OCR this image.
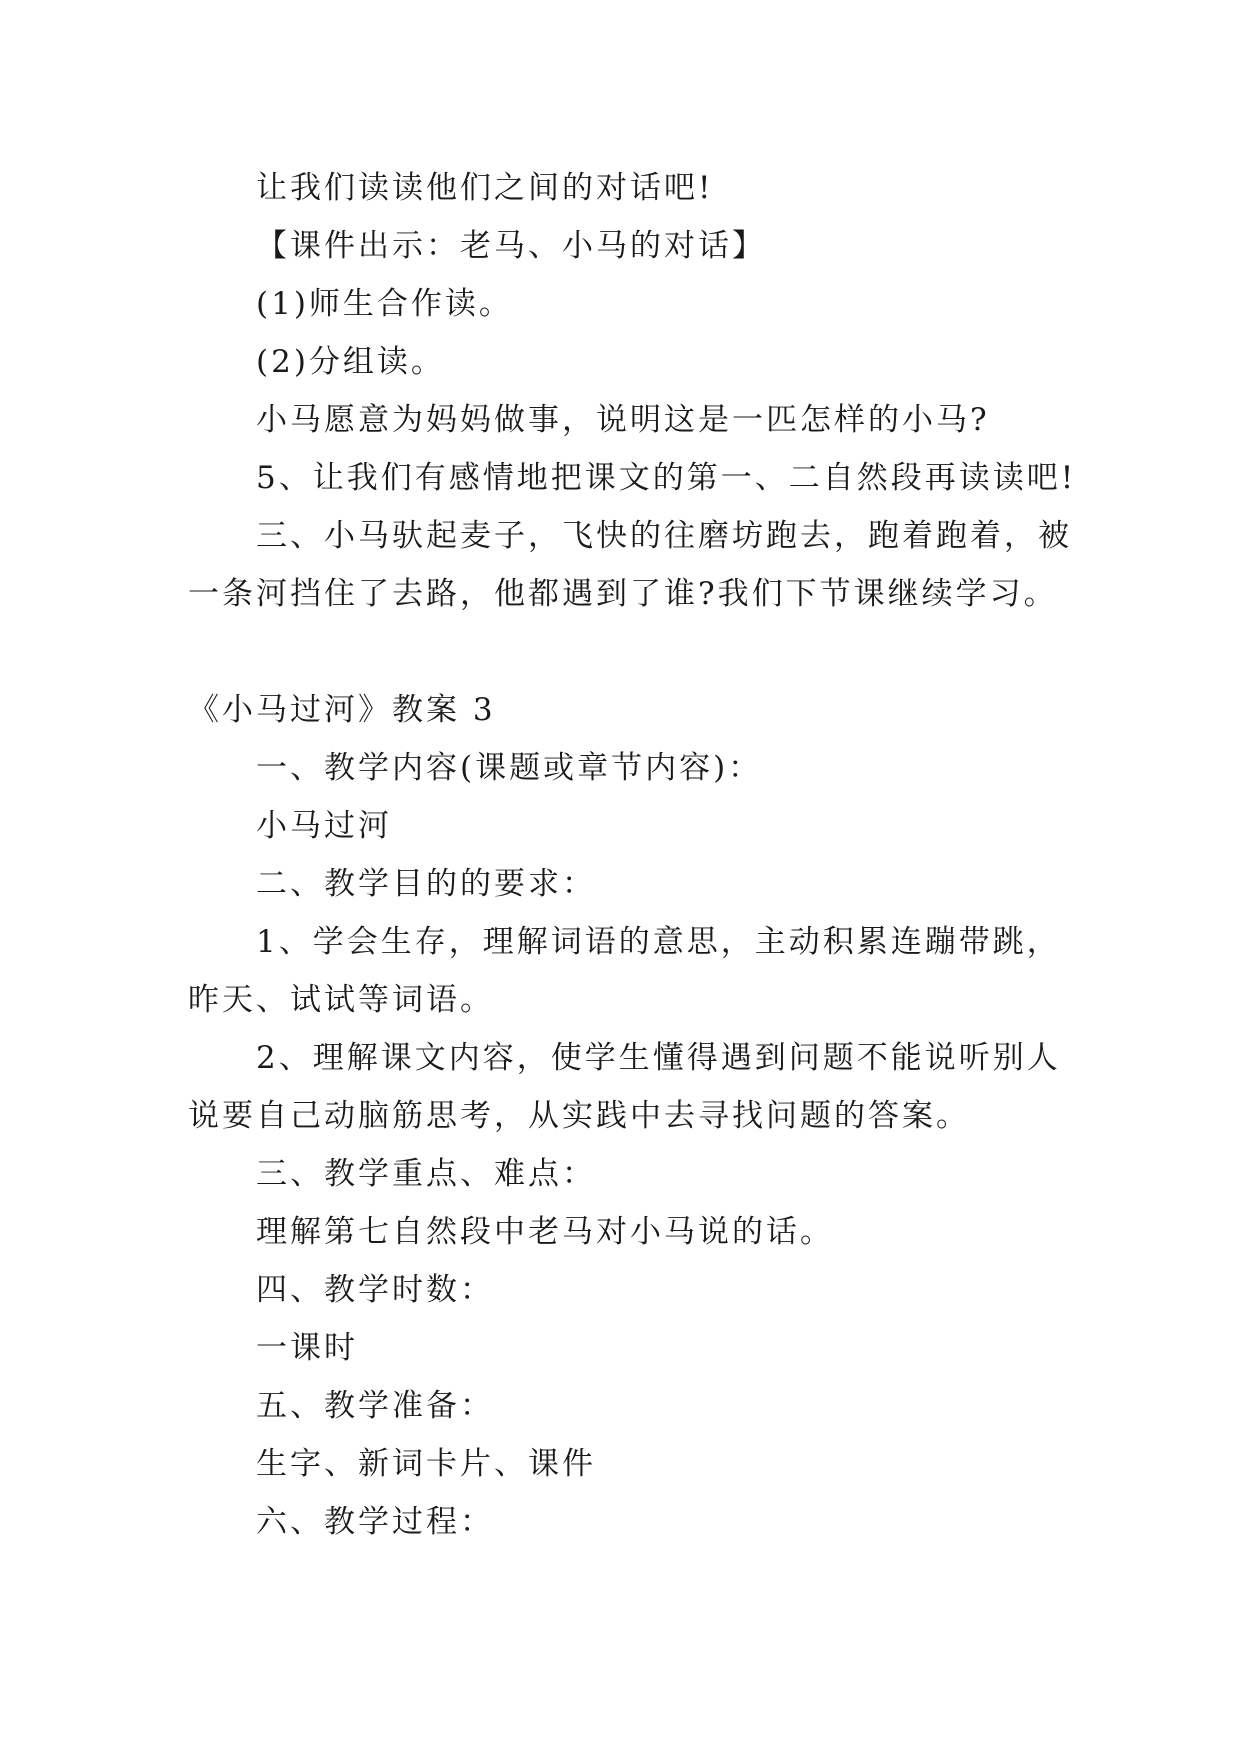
让我们读读他们之间的对话吧!
【课件出示：老马、小马的对话】
(1)师生合作读。
(2)分组读。
小马愿意为妈妈做事，说明这是一匹怎样的小马?
5、让我们有感情地把课文的第一、二自然段再读读吧!
三、小马驮起麦子，飞快的往磨坊跑去，跑着跑着，被
一条河挡住了去路，他都遇到了谁?我们下节课继续学习。
《小马过河》教案 3
一、教学内容(课题或章节内容)：
小马过河
二、教学目的的要求：
1、学会生存，理解词语的意思，主动积累连蹦带跳，
昨天、试试等词语。
2、理解课文内容，使学生懂得遇到问题不能说听别人
说要自己动脑筋思考，从实践中去寻找问题的答案。
三、教学重点、难点：
理解第七自然段中老马对小马说的话。
四、教学时数：
一课时
五、教学准备：
生字、新词卡片、课件
六、教学过程：
